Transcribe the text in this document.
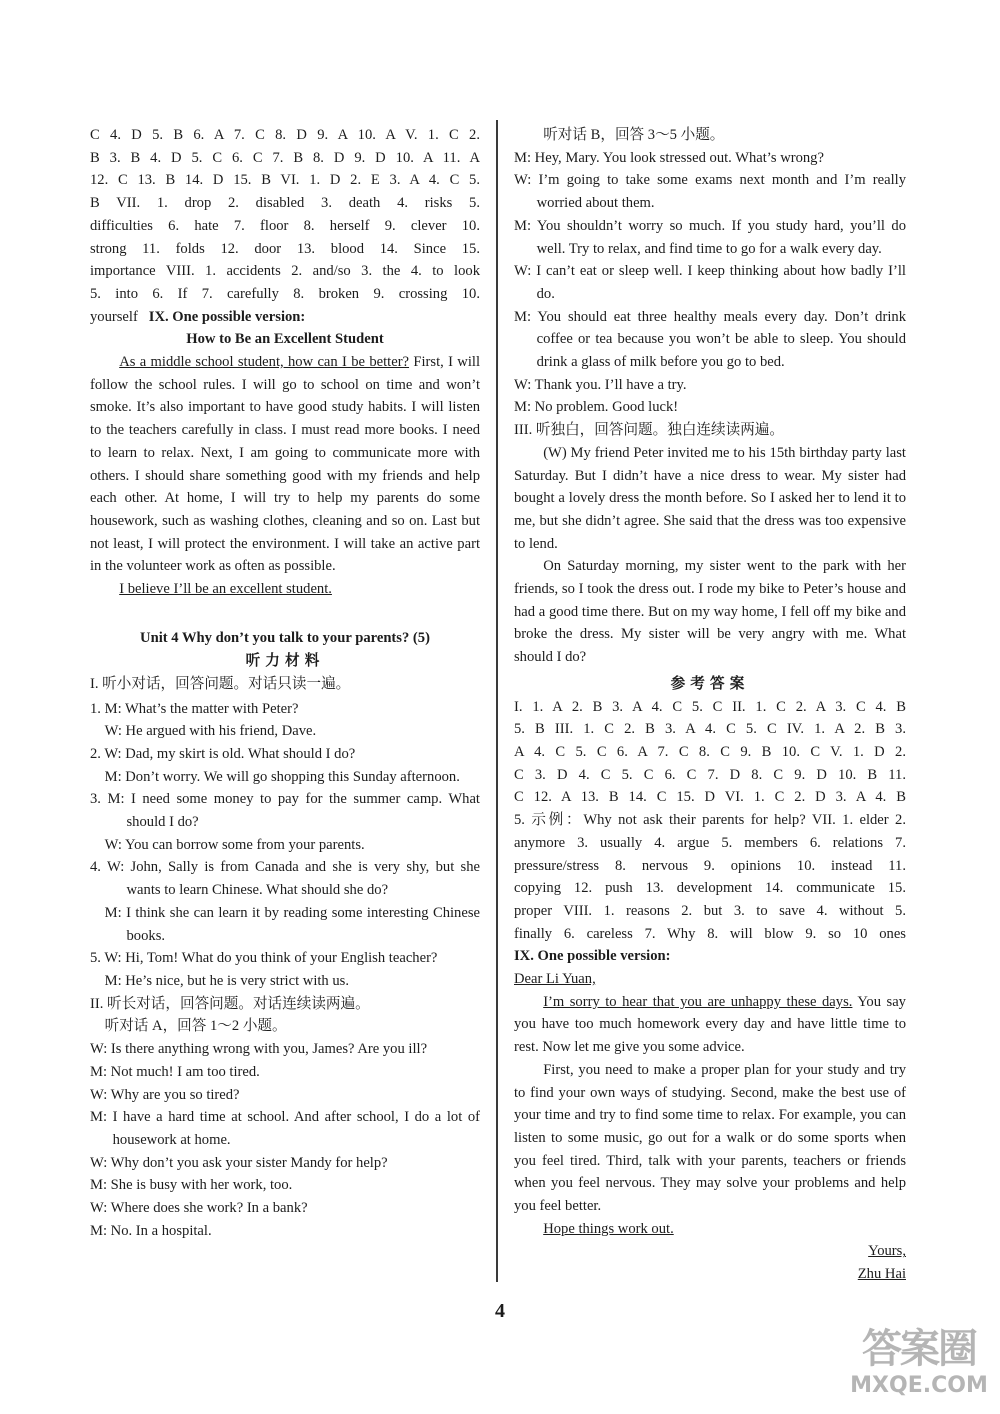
C 4. D 5. B 6. A 7. C 8. D 9. A 10. A V. 1. C 2.

B 3. B 4. D 5. C 6. C 7. B 8. D 9. D 10. A 11. A

12. C 13. B 14. D 15. B VI. 1. D 2. E 3. A 4. C 5.

B VII. 1. drop 2. disabled 3. death 4. risks 5.

difficulties 6. hate 7. floor 8. herself 9. clever 10.

strong 11. folds 12. door 13. blood 14. Since 15.

importance VIII. 1. accidents 2. and/so 3. the 4. to look

5. into 6. If 7. carefully 8. broken 9. crossing 10.

yourself IX. One possible version:

How to Be an Excellent Student

As a middle school student, how can I be better? First, I will follow the school rules. I will go to school on time and won’t smoke. It’s also important to have good study habits. I will listen to the teachers carefully in class. I must read more books. I need to learn to relax. Next, I am going to communicate more with others. I should share something good with my friends and help each other. At home, I will try to help my parents do some housework, such as washing clothes, cleaning and so on. Last but not least, I will protect the environment. I will take an active part in the volunteer work as often as possible.

I believe I’ll be an excellent student.

Unit 4 Why don’t you talk to your parents? (5)

听力材料

I. 听小对话，回答问题。对话只读一遍。

1. M: What’s the matter with Peter?

W: He argued with his friend, Dave.

2. W: Dad, my skirt is old. What should I do?

M: Don’t worry. We will go shopping this Sunday afternoon.

3. M: I need some money to pay for the summer camp. What should I do?

W: You can borrow some from your parents.

4. W: John, Sally is from Canada and she is very shy, but she wants to learn Chinese. What should she do?

M: I think she can learn it by reading some interesting Chinese books.

5. W: Hi, Tom! What do you think of your English teacher?

M: He’s nice, but he is very strict with us.

II. 听长对话，回答问题。对话连续读两遍。

听对话 A，回答 1～2 小题。

W: Is there anything wrong with you, James? Are you ill?

M: Not much! I am too tired.

W: Why are you so tired?

M: I have a hard time at school. And after school, I do a lot of housework at home.

W: Why don’t you ask your sister Mandy for help?

M: She is busy with her work, too.

W: Where does she work? In a bank?

M: No. In a hospital.

听对话 B，回答 3～5 小题。

M: Hey, Mary. You look stressed out. What’s wrong?

W: I’m going to take some exams next month and I’m really worried about them.

M: You shouldn’t worry so much. If you study hard, you’ll do well. Try to relax, and find time to go for a walk every day.

W: I can’t eat or sleep well. I keep thinking about how badly I’ll do.

M: You should eat three healthy meals every day. Don’t drink coffee or tea because you won’t be able to sleep. You should drink a glass of milk before you go to bed.

W: Thank you. I’ll have a try.

M: No problem. Good luck!

III. 听独白，回答问题。独白连续读两遍。

(W) My friend Peter invited me to his 15th birthday party last Saturday. But I didn’t have a nice dress to wear. My sister had bought a lovely dress the month before. So I asked her to lend it to me, but she didn’t agree. She said that the dress was too expensive to lend.

On Saturday morning, my sister went to the park with her friends, so I took the dress out. I rode my bike to Peter’s house and had a good time there. But on my way home, I fell off my bike and broke the dress. My sister will be very angry with me. What should I do?

参考答案

I. 1. A 2. B 3. A 4. C 5. C II. 1. C 2. A 3. C 4. B

5. B III. 1. C 2. B 3. A 4. C 5. C IV. 1. A 2. B 3.

A 4. C 5. C 6. A 7. C 8. C 9. B 10. C V. 1. D 2.

C 3. D 4. C 5. C 6. C 7. D 8. C 9. D 10. B 11.

C 12. A 13. B 14. C 15. D VI. 1. C 2. D 3. A 4. B

5. 示例：Why not ask their parents for help? VII. 1. elder 2.

anymore 3. usually 4. argue 5. members 6. relations 7.

pressure/stress 8. nervous 9. opinions 10. instead 11.

copying 12. push 13. development 14. communicate 15.

proper VIII. 1. reasons 2. but 3. to save 4. without 5.

finally 6. careless 7. Why 8. will blow 9. so 10 ones

IX. One possible version:

Dear Li Yuan,

I’m sorry to hear that you are unhappy these days. You say you have too much homework every day and have little time to rest. Now let me give you some advice.

First, you need to make a proper plan for your study and try to find your own ways of studying. Second, make the best use of your time and try to find some time to relax. For example, you can listen to some music, go out for a walk or do some sports when you feel tired. Third, talk with your parents, teachers or friends when you feel nervous. They may solve your problems and help you feel better.

Hope things work out.

Yours,

Zhu Hai

4
答案圈
MXQE.COM
